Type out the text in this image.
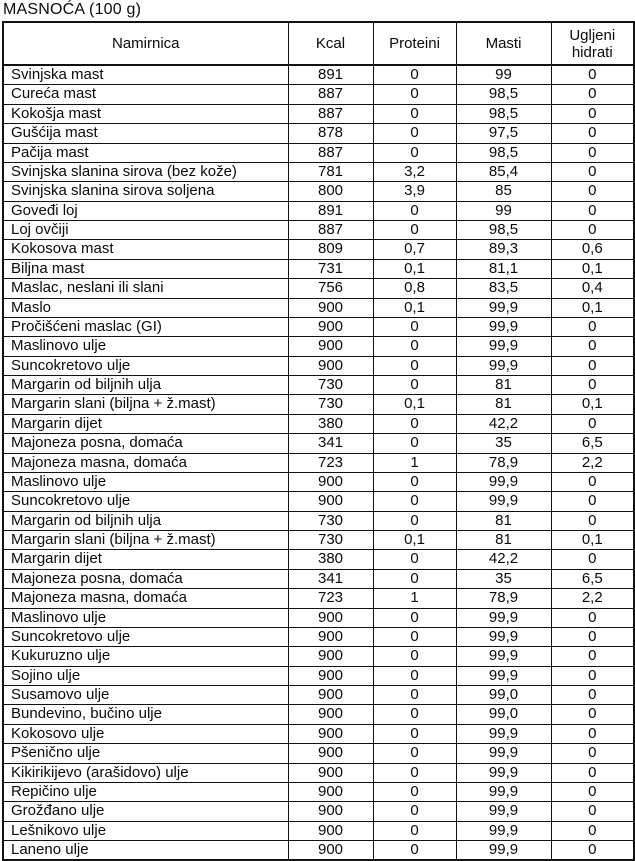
MASNOĆA (100 g)
Namirnica	Kcal	Proteini	Masti	Ugljeni hidrati
Svinjska mast	891	0	99	0
Cureća mast	887	0	98,5	0
Kokošja mast	887	0	98,5	0
Gušćija mast	878	0	97,5	0
Pačija mast	887	0	98,5	0
Svinjska slanina sirova (bez kože)	781	3,2	85,4	0
Svinjska slanina sirova soljena	800	3,9	85	0
Goveđi loj	891	0	99	0
Loj ovčiji	887	0	98,5	0
Kokosova mast	809	0,7	89,3	0,6
Biljna mast	731	0,1	81,1	0,1
Maslac, neslani ili slani	756	0,8	83,5	0,4
Maslo	900	0,1	99,9	0,1
Pročišćeni maslac (GI)	900	0	99,9	0
Maslinovo ulje	900	0	99,9	0
Suncokretovo ulje	900	0	99,9	0
Margarin od biljnih ulja	730	0	81	0
Margarin slani (biljna + ž.mast)	730	0,1	81	0,1
Margarin dijet	380	0	42,2	0
Majoneza posna, domaća	341	0	35	6,5
Majoneza masna, domaća	723	1	78,9	2,2
Maslinovo ulje	900	0	99,9	0
Suncokretovo ulje	900	0	99,9	0
Margarin od biljnih ulja	730	0	81	0
Margarin slani (biljna + ž.mast)	730	0,1	81	0,1
Margarin dijet	380	0	42,2	0
Majoneza posna, domaća	341	0	35	6,5
Majoneza masna, domaća	723	1	78,9	2,2
Maslinovo ulje	900	0	99,9	0
Suncokretovo ulje	900	0	99,9	0
Kukuruzno ulje	900	0	99,9	0
Sojino ulje	900	0	99,9	0
Susamovo ulje	900	0	99,0	0
Bundevino, bučino ulje	900	0	99,0	0
Kokosovo ulje	900	0	99,9	0
Pšenično ulje	900	0	99,9	0
Kikirikijevo (arašidovo) ulje	900	0	99,9	0
Repičino ulje	900	0	99,9	0
Grožđano ulje	900	0	99,9	0
Lešnikovo ulje	900	0	99,9	0
Laneno ulje	900	0	99,9	0
